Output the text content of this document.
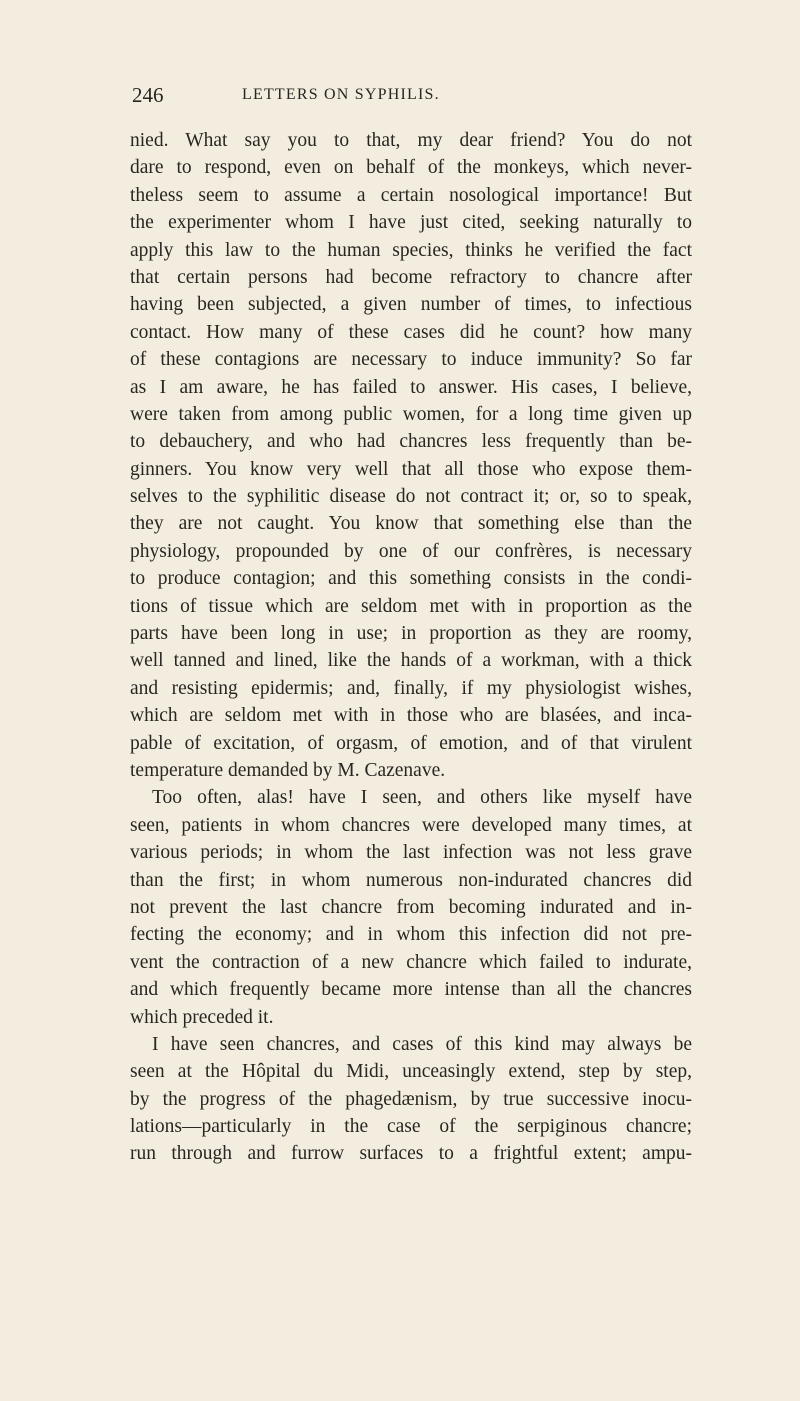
246	LETTERS ON SYPHILIS.
nied. What say you to that, my dear friend? You do not
dare to respond, even on behalf of the monkeys, which never-
theless seem to assume a certain nosological importance! But
the experimenter whom I have just cited, seeking naturally to
apply this law to the human species, thinks he verified the fact
that certain persons had become refractory to chancre after
having been subjected, a given number of times, to infectious
contact. How many of these cases did he count? how many
of these contagions are necessary to induce immunity? So far
as I am aware, he has failed to answer. His cases, I believe,
were taken from among public women, for a long time given up
to debauchery, and who had chancres less frequently than be-
ginners. You know very well that all those who expose them-
selves to the syphilitic disease do not contract it; or, so to speak,
they are not caught. You know that something else than the
physiology, propounded by one of our confrères, is necessary
to produce contagion; and this something consists in the condi-
tions of tissue which are seldom met with in proportion as the
parts have been long in use; in proportion as they are roomy,
well tanned and lined, like the hands of a workman, with a thick
and resisting epidermis; and, finally, if my physiologist wishes,
which are seldom met with in those who are blasées, and inca-
pable of excitation, of orgasm, of emotion, and of that virulent
temperature demanded by M. Cazenave.
Too often, alas! have I seen, and others like myself have
seen, patients in whom chancres were developed many times, at
various periods; in whom the last infection was not less grave
than the first; in whom numerous non-indurated chancres did
not prevent the last chancre from becoming indurated and in-
fecting the economy; and in whom this infection did not pre-
vent the contraction of a new chancre which failed to indurate,
and which frequently became more intense than all the chancres
which preceded it.
I have seen chancres, and cases of this kind may always be
seen at the Hôpital du Midi, unceasingly extend, step by step,
by the progress of the phagedænism, by true successive inocu-
lations—particularly in the case of the serpiginous chancre;
run through and furrow surfaces to a frightful extent; ampu-
